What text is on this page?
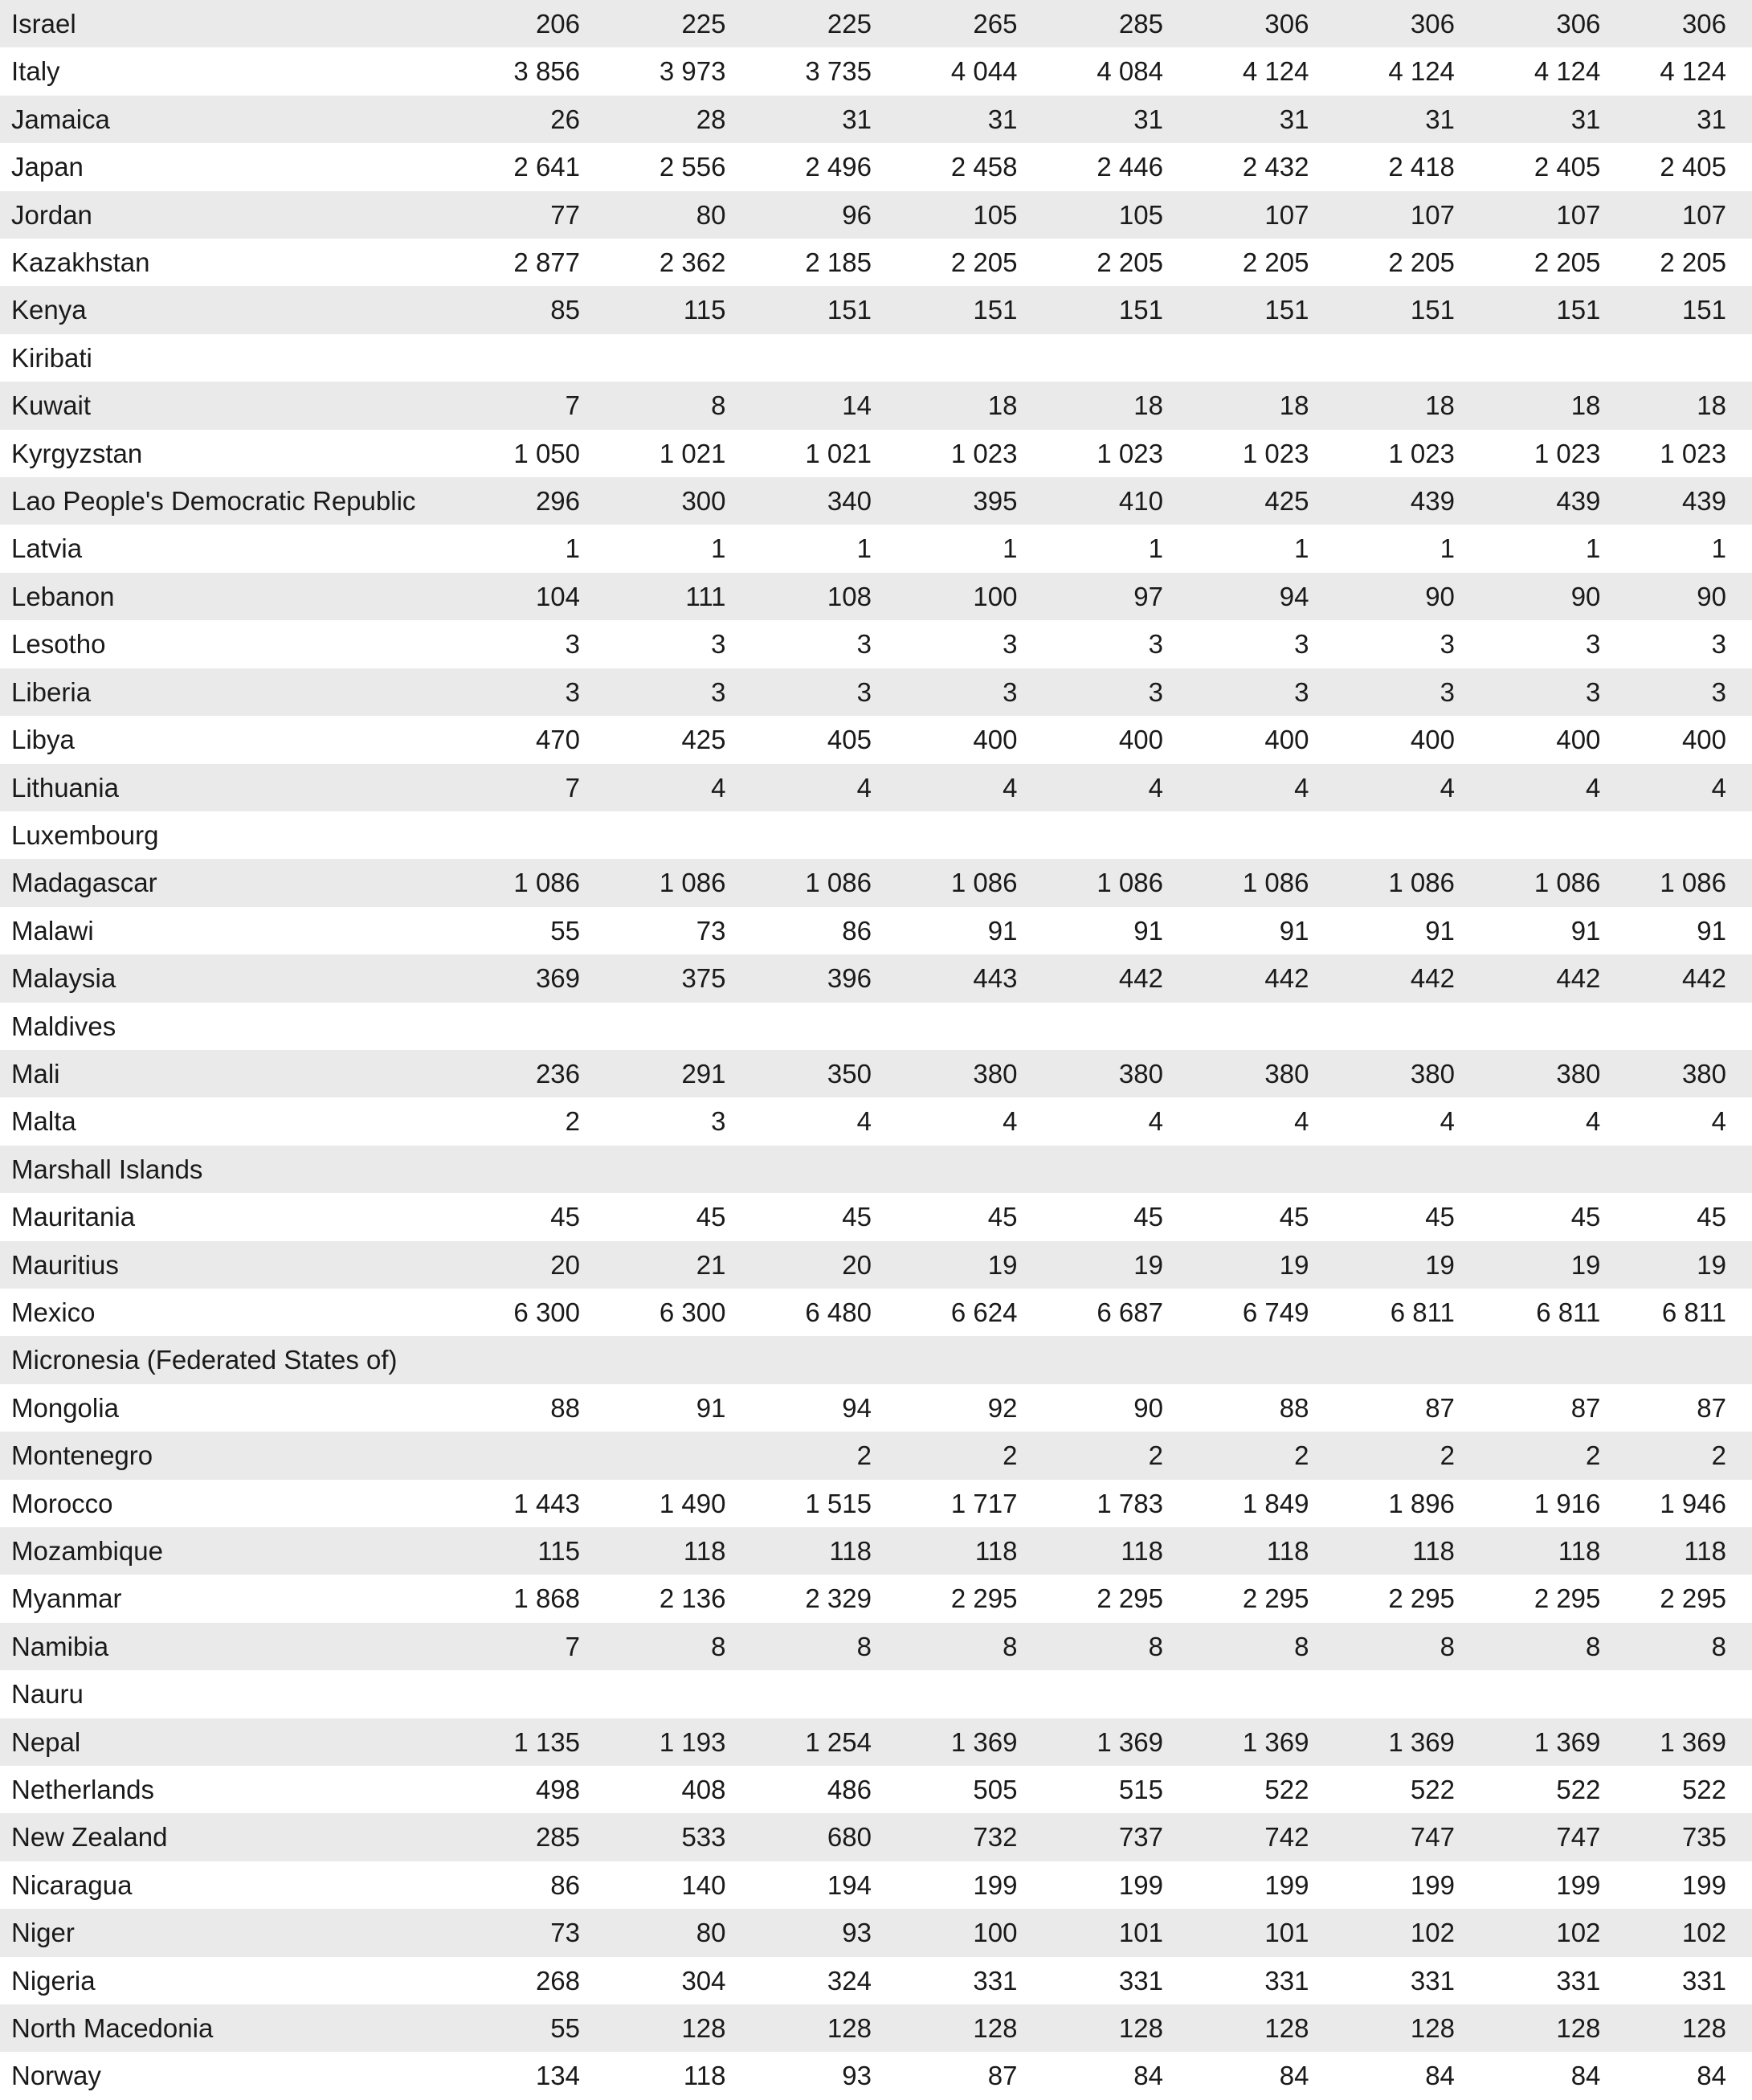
Israel	206	225	225	265	285	306	306	306	306
Italy	3 856	3 973	3 735	4 044	4 084	4 124	4 124	4 124	4 124
Jamaica	26	28	31	31	31	31	31	31	31
Japan	2 641	2 556	2 496	2 458	2 446	2 432	2 418	2 405	2 405
Jordan	77	80	96	105	105	107	107	107	107
Kazakhstan	2 877	2 362	2 185	2 205	2 205	2 205	2 205	2 205	2 205
Kenya	85	115	151	151	151	151	151	151	151
Kiribati									
Kuwait	7	8	14	18	18	18	18	18	18
Kyrgyzstan	1 050	1 021	1 021	1 023	1 023	1 023	1 023	1 023	1 023
Lao People's Democratic Republic	296	300	340	395	410	425	439	439	439
Latvia	1	1	1	1	1	1	1	1	1
Lebanon	104	111	108	100	97	94	90	90	90
Lesotho	3	3	3	3	3	3	3	3	3
Liberia	3	3	3	3	3	3	3	3	3
Libya	470	425	405	400	400	400	400	400	400
Lithuania	7	4	4	4	4	4	4	4	4
Luxembourg									
Madagascar	1 086	1 086	1 086	1 086	1 086	1 086	1 086	1 086	1 086
Malawi	55	73	86	91	91	91	91	91	91
Malaysia	369	375	396	443	442	442	442	442	442
Maldives									
Mali	236	291	350	380	380	380	380	380	380
Malta	2	3	4	4	4	4	4	4	4
Marshall Islands									
Mauritania	45	45	45	45	45	45	45	45	45
Mauritius	20	21	20	19	19	19	19	19	19
Mexico	6 300	6 300	6 480	6 624	6 687	6 749	6 811	6 811	6 811
Micronesia (Federated States of)									
Mongolia	88	91	94	92	90	88	87	87	87
Montenegro			2	2	2	2	2	2	2
Morocco	1 443	1 490	1 515	1 717	1 783	1 849	1 896	1 916	1 946
Mozambique	115	118	118	118	118	118	118	118	118
Myanmar	1 868	2 136	2 329	2 295	2 295	2 295	2 295	2 295	2 295
Namibia	7	8	8	8	8	8	8	8	8
Nauru									
Nepal	1 135	1 193	1 254	1 369	1 369	1 369	1 369	1 369	1 369
Netherlands	498	408	486	505	515	522	522	522	522
New Zealand	285	533	680	732	737	742	747	747	735
Nicaragua	86	140	194	199	199	199	199	199	199
Niger	73	80	93	100	101	101	102	102	102
Nigeria	268	304	324	331	331	331	331	331	331
North Macedonia	55	128	128	128	128	128	128	128	128
Norway	134	118	93	87	84	84	84	84	84
